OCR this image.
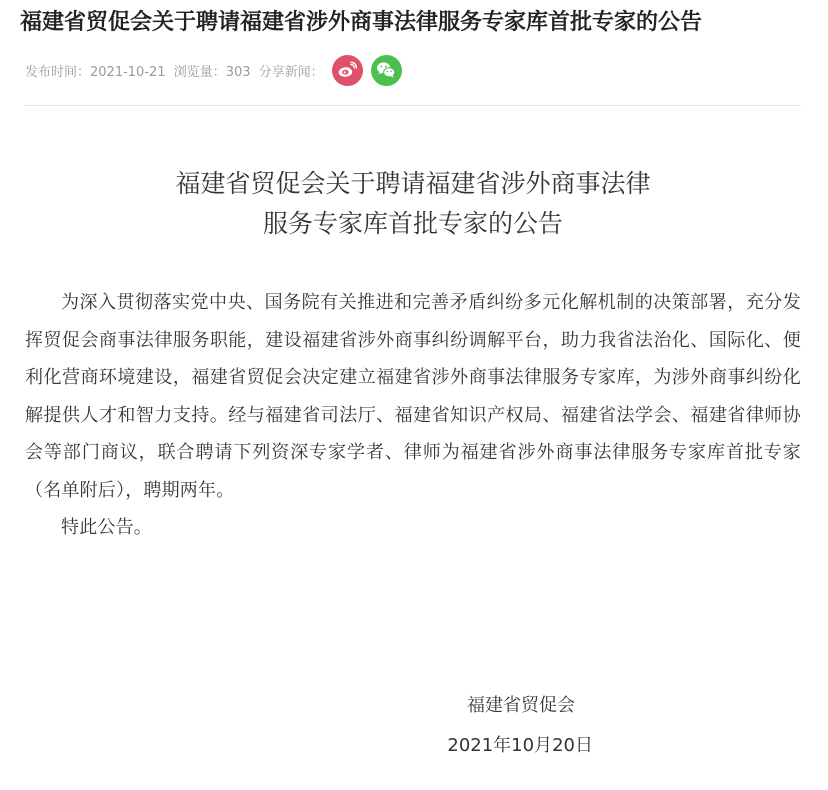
福建省贸促会关于聘请福建省涉外商事法律服务专家库首批专家的公告
发布时间：2021-10-21
浏览量：303
分享新闻：
福建省贸促会关于聘请福建省涉外商事法律
服务专家库首批专家的公告

为深入贯彻落实党中央、国务院有关推进和完善矛盾纠纷多元化解机制的决策部署，充分发挥贸促会商事法律服务职能，建设福建省涉外商事纠纷调解平台，助力我省法治化、国际化、便利化营商环境建设，福建省贸促会决定建立福建省涉外商事法律服务专家库，为涉外商事纠纷化解提供人才和智力支持。经与福建省司法厅、福建省知识产权局、福建省法学会、福建省律师协会等部门商议，联合聘请下列资深专家学者、律师为福建省涉外商事法律服务专家库首批专家（名单附后），聘期两年。

特此公告。

福建省贸促会
2021年10月20日
